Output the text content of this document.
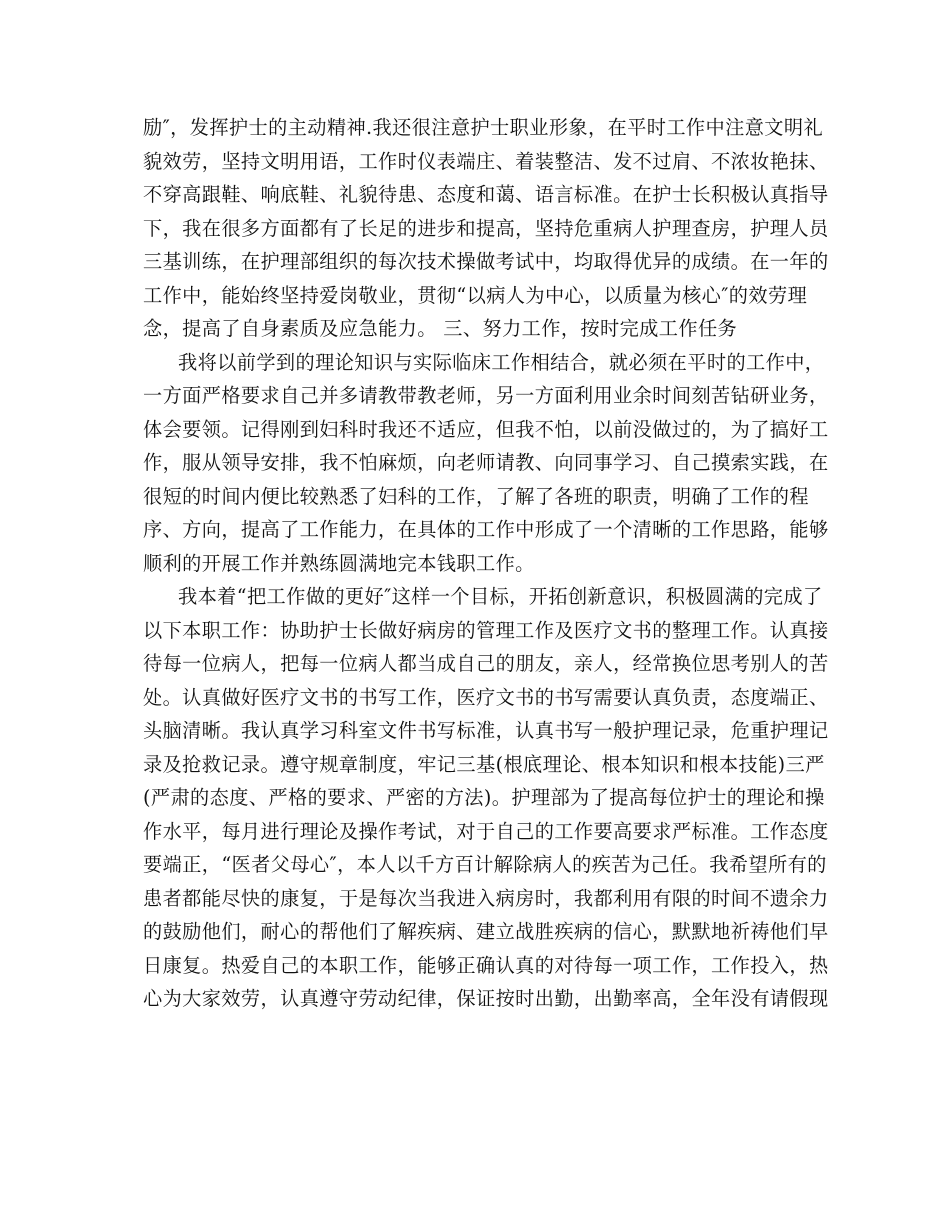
励″，发挥护士的主动精神.我还很注意护士职业形象，在平时工作中注意文明礼
貌效劳，坚持文明用语，工作时仪表端庄、着装整洁、发不过肩、不浓妆艳抹、
不穿高跟鞋、响底鞋、礼貌待患、态度和蔼、语言标准。在护士长积极认真指导
下，我在很多方面都有了长足的进步和提高，坚持危重病人护理查房，护理人员
三基训练，在护理部组织的每次技术操做考试中，均取得优异的成绩。在一年的
工作中，能始终坚持爱岗敬业，贯彻“以病人为中心，以质量为核心″的效劳理
念，提高了自身素质及应急能力。 三、努力工作，按时完成工作任务
我将以前学到的理论知识与实际临床工作相结合，就必须在平时的工作中，
一方面严格要求自己并多请教带教老师，另一方面利用业余时间刻苦钻研业务，
体会要领。记得刚到妇科时我还不适应，但我不怕，以前没做过的，为了搞好工
作，服从领导安排，我不怕麻烦，向老师请教、向同事学习、自己摸索实践，在
很短的时间内便比较熟悉了妇科的工作，了解了各班的职责，明确了工作的程
序、方向，提高了工作能力，在具体的工作中形成了一个清晰的工作思路，能够
顺利的开展工作并熟练圆满地完本钱职工作。
我本着“把工作做的更好″这样一个目标，开拓创新意识，积极圆满的完成了
以下本职工作：协助护士长做好病房的管理工作及医疗文书的整理工作。认真接
待每一位病人，把每一位病人都当成自己的朋友，亲人，经常换位思考别人的苦
处。认真做好医疗文书的书写工作，医疗文书的书写需要认真负责，态度端正、
头脑清晰。我认真学习科室文件书写标准，认真书写一般护理记录，危重护理记
录及抢救记录。遵守规章制度，牢记三基(根底理论、根本知识和根本技能)三严
(严肃的态度、严格的要求、严密的方法)。护理部为了提高每位护士的理论和操
作水平，每月进行理论及操作考试，对于自己的工作要高要求严标准。工作态度
要端正，“医者父母心″，本人以千方百计解除病人的疾苦为己任。我希望所有的
患者都能尽快的康复，于是每次当我进入病房时，我都利用有限的时间不遗余力
的鼓励他们，耐心的帮他们了解疾病、建立战胜疾病的信心，默默地祈祷他们早
日康复。热爱自己的本职工作，能够正确认真的对待每一项工作，工作投入，热
心为大家效劳，认真遵守劳动纪律，保证按时出勤，出勤率高，全年没有请假现
